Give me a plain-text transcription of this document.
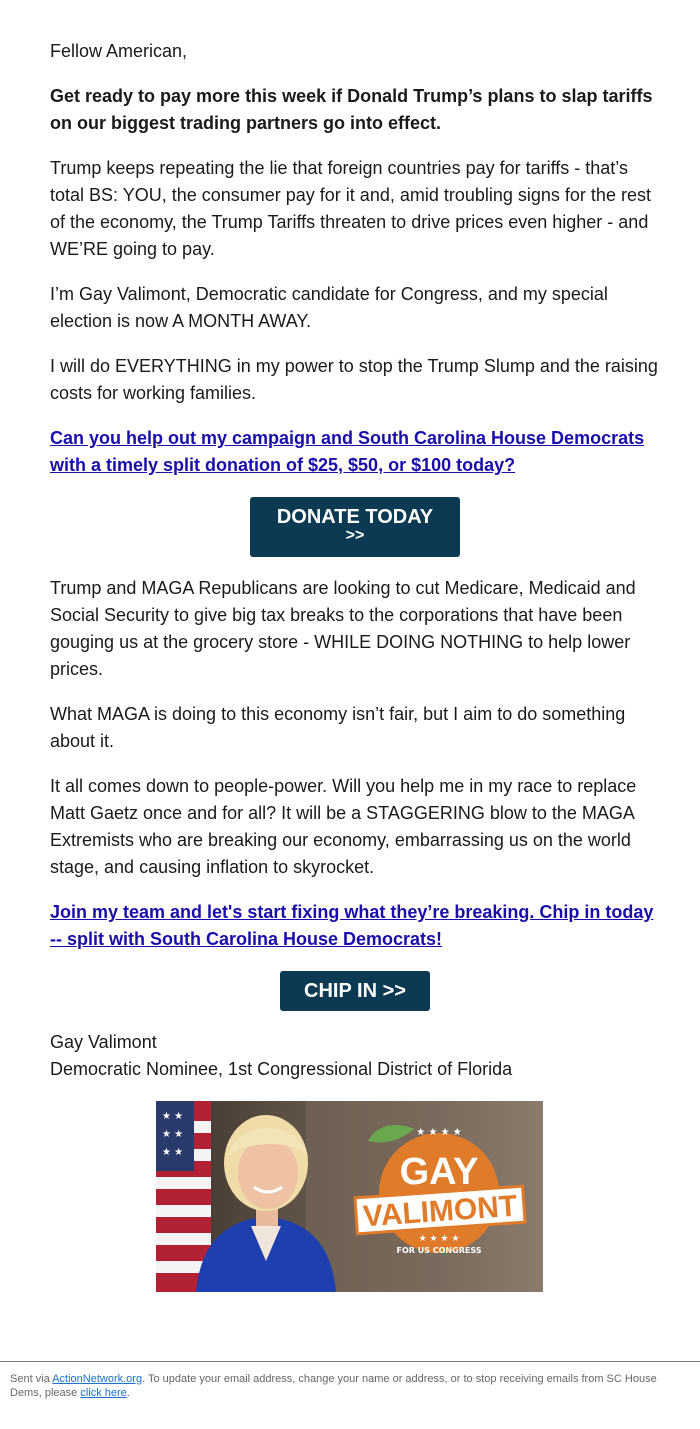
Fellow American,

Get ready to pay more this week if Donald Trump’s plans to slap tariffs on our biggest trading partners go into effect.

Trump keeps repeating the lie that foreign countries pay for tariffs - that’s total BS: YOU, the consumer pay for it and, amid troubling signs for the rest of the economy, the Trump Tariffs threaten to drive prices even higher - and WE’RE going to pay.

I’m Gay Valimont, Democratic candidate for Congress, and my special election is now A MONTH AWAY.

I will do EVERYTHING in my power to stop the Trump Slump and the raising costs for working families.

Can you help out my campaign and South Carolina House Democrats with a timely split donation of $25, $50, or $100 today?

DONATE TODAY
>>

Trump and MAGA Republicans are looking to cut Medicare, Medicaid and Social Security to give big tax breaks to the corporations that have been gouging us at the grocery store - WHILE DOING NOTHING to help lower prices.

What MAGA is doing to this economy isn’t fair, but I aim to do something about it.

It all comes down to people-power. Will you help me in my race to replace Matt Gaetz once and for all? It will be a STAGGERING blow to the MAGA Extremists who are breaking our economy, embarrassing us on the world stage, and causing inflation to skyrocket.

Join my team and let's start fixing what they’re breaking. Chip in today -- split with South Carolina House Democrats!

CHIP IN >>

Gay Valimont

Democratic Nominee, 1st Congressional District of Florida

★ ★
★ ★
★ ★
★ ★ ★ ★
GAY
VALIMONT
★ ★ ★ ★
FOR US CONGRESS
Sent via ActionNetwork.org. To update your email address, change your name or address, or to stop receiving emails from SC House Dems, please click here.
